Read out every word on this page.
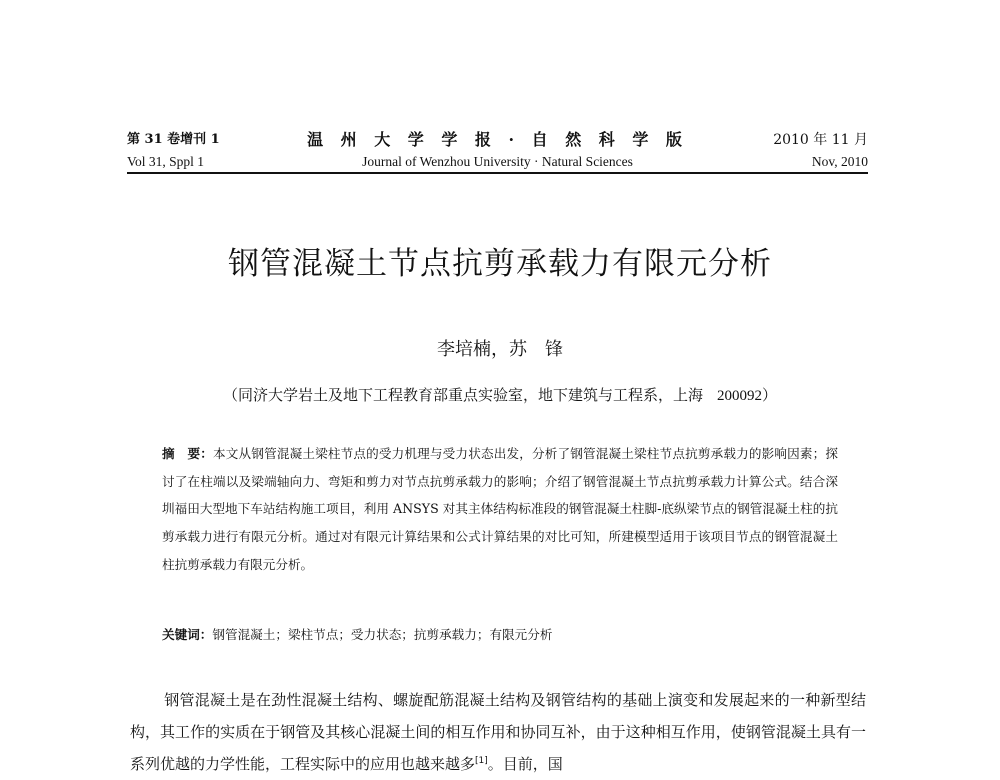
第 31 卷增刊 1	温 州 大 学 学 报 · 自 然 科 学 版	2010 年 11 月
Vol 31, Sppl 1	Journal of Wenzhou University · Natural Sciences	Nov, 2010
钢管混凝土节点抗剪承载力有限元分析
李培楠，苏　锋
（同济大学岩土及地下工程教育部重点实验室，地下建筑与工程系，上海 200092）
摘　要：本文从钢管混凝土梁柱节点的受力机理与受力状态出发，分析了钢管混凝土梁柱节点抗剪承载力的影响因素；探讨了在柱端以及梁端轴向力、弯矩和剪力对节点抗剪承载力的影响；介绍了钢管混凝土节点抗剪承载力计算公式。结合深圳福田大型地下车站结构施工项目，利用 ANSYS 对其主体结构标准段的钢管混凝土柱脚-底纵梁节点的钢管混凝土柱的抗剪承载力进行有限元分析。通过对有限元计算结果和公式计算结果的对比可知，所建模型适用于该项目节点的钢管混凝土柱抗剪承载力有限元分析。
关键词：钢管混凝土；梁柱节点；受力状态；抗剪承载力；有限元分析
钢管混凝土是在劲性混凝土结构、螺旋配筋混凝土结构及钢管结构的基础上演变和发展起来的一种新型结构，其工作的实质在于钢管及其核心混凝土间的相互作用和协同互补，由于这种相互作用，使钢管混凝土具有一系列优越的力学性能，工程实际中的应用也越来越多[1]。目前，国
